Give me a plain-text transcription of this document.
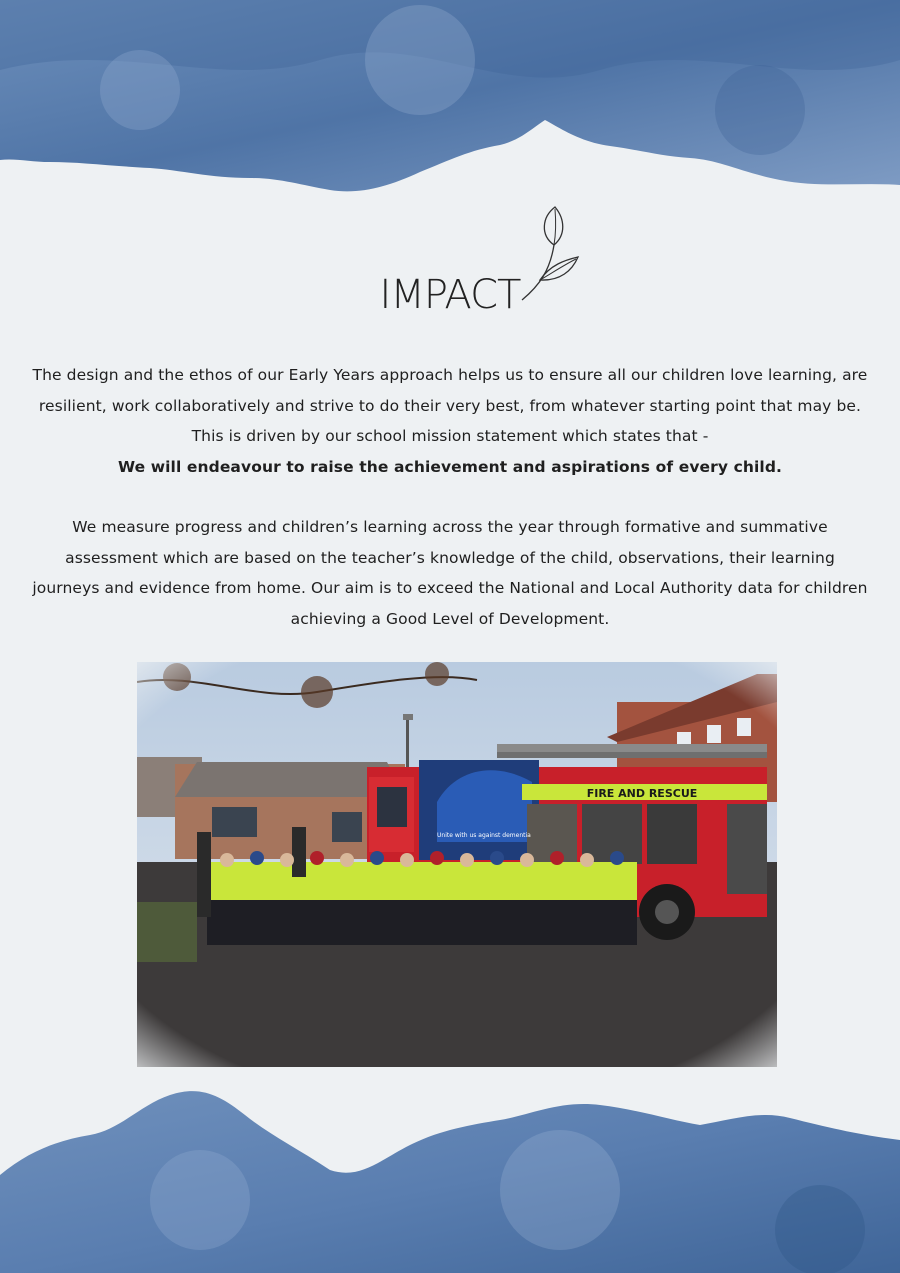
IMPACT

The design and the ethos of our Early Years approach helps us to ensure all our children love learning, are resilient, work collaboratively and strive to do their very best, from whatever starting point that may be. This is driven by our school mission statement which states that -
We will endeavour to raise the achievement and aspirations of every child.

We measure progress and children’s learning across the year through formative and summative assessment which are based on the teacher’s knowledge of the child, observations, their learning journeys and evidence from home. Our aim is to exceed the National and Local Authority data for children achieving a Good Level of Development.
